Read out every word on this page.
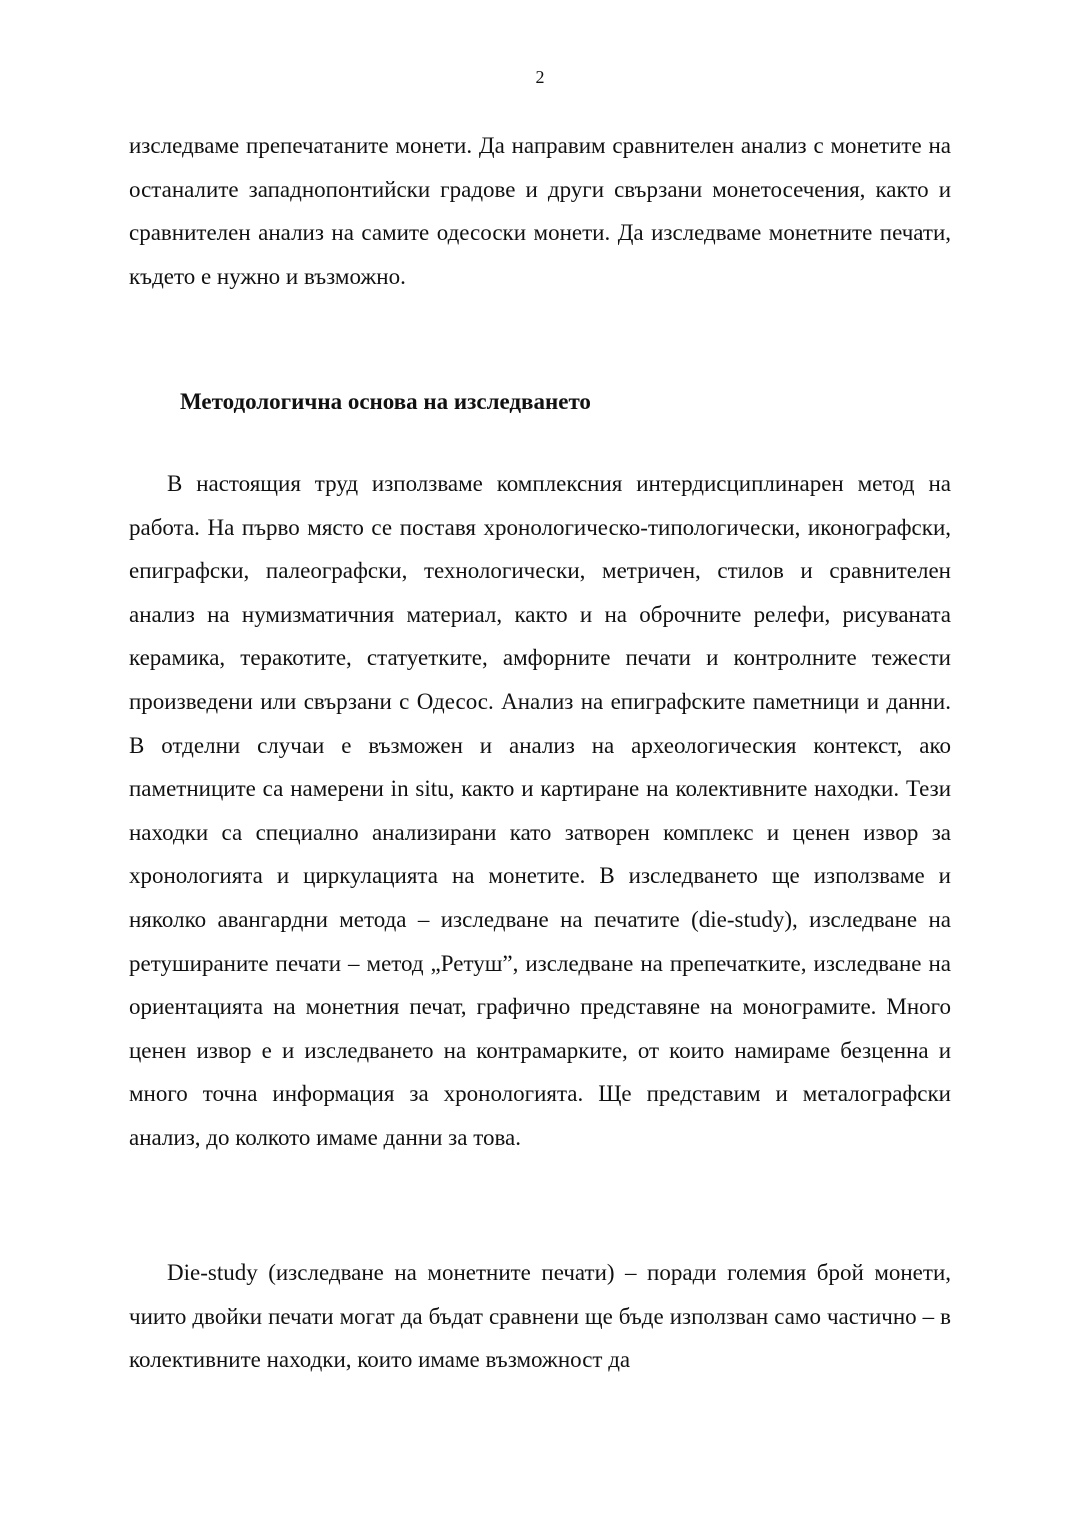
2

изследваме препечатаните монети. Да направим сравнителен анализ с монетите на останалите западнопонтийски градове и други свързани монетосечения, както и сравнителен анализ на самите одесоски монети. Да изследваме монетните печати, където е нужно и възможно.

Методологична основа на изследването

В настоящия труд използваме комплексния интердисциплинарен метод на работа. На първо място се поставя хронологическо-типологически, иконографски, епиграфски, палеографски, технологически, метричен, стилов и сравнителен анализ на нумизматичния материал, както и на оброчните релефи, рисуваната керамика, теракотите, статуетките, амфорните печати и контролните тежести произведени или свързани с Одесос. Анализ на епиграфските паметници и данни. В отделни случаи е възможен и анализ на археологическия контекст, ако паметниците са намерени in situ, както и картиране на колективните находки. Тези находки са специално анализирани като затворен комплекс и ценен извор за хронологията и циркулацията на монетите. В изследването ще използваме и няколко авангардни метода – изследване на печатите (die-study), изследване на ретушираните печати – метод „Ретуш”, изследване на препечатките, изследване на ориентацията на монетния печат, графично представяне на монограмите. Много ценен извор е и изследването на контрамарките, от които намираме безценна и много точна информация за хронологията. Ще представим и металографски анализ, до колкото имаме данни за това.

Die-study (изследване на монетните печати) – поради големия брой монети, чиито двойки печати могат да бъдат сравнени ще бъде използван само частично – в колективните находки, които имаме възможност да
